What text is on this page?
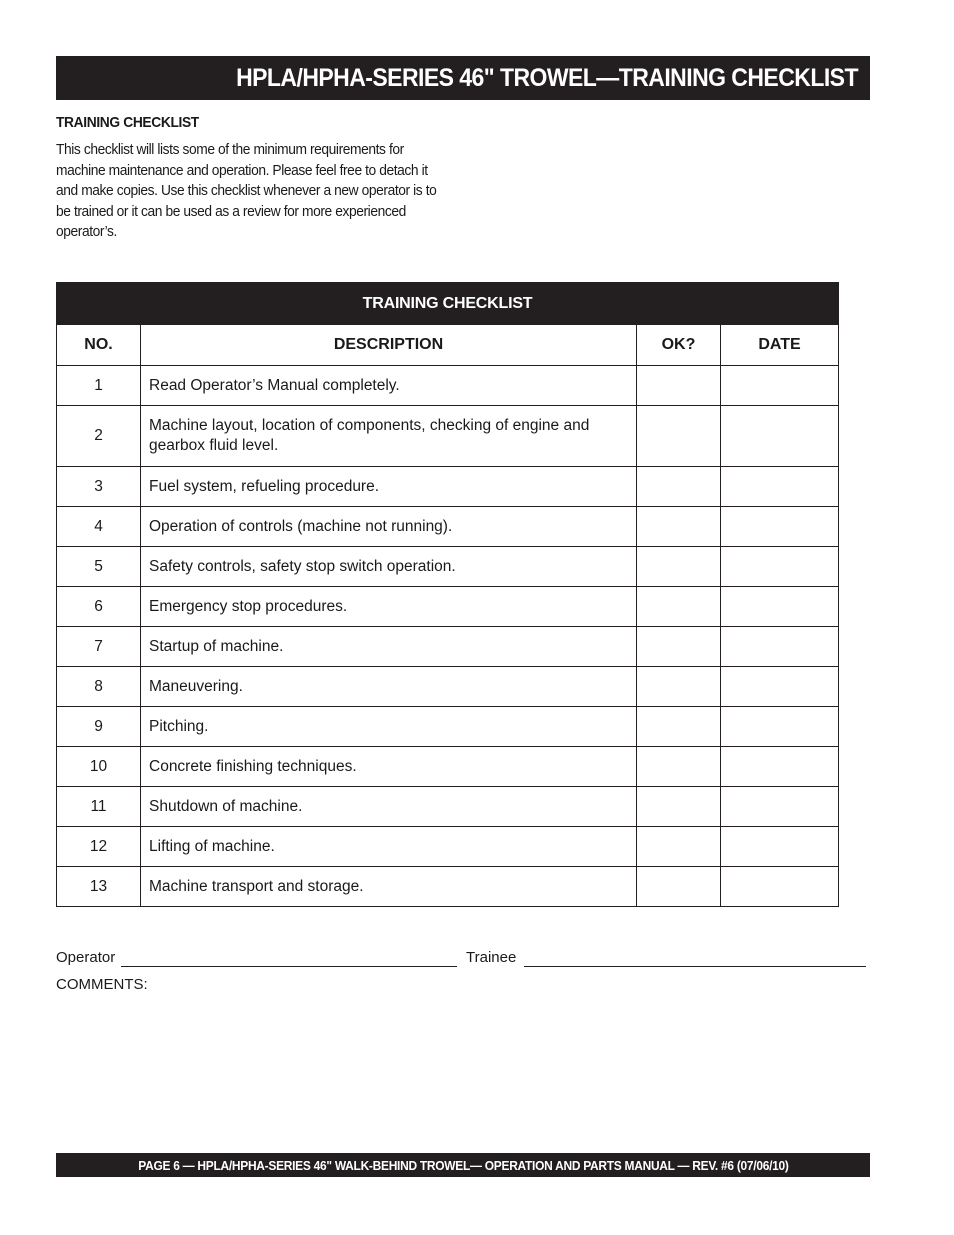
HPLA/HPHA-SERIES 46" TROWEL—TRAINING CHECKLIST
TRAINING CHECKLIST
This checklist will lists some of the minimum requirements for machine maintenance and operation. Please feel free to detach it and make copies. Use this checklist whenever a new operator is to be trained or it can be used as a review for more experienced operator’s.
TRAINING CHECKLIST			
NO.	DESCRIPTION	OK?	DATE
1	Read Operator’s Manual completely.		
2	Machine layout, location of components, checking of engine and gearbox fluid level.		
3	Fuel system, refueling procedure.		
4	Operation of controls (machine not running).		
5	Safety controls, safety stop switch operation.		
6	Emergency stop procedures.		
7	Startup of machine.		
8	Maneuvering.		
9	Pitching.		
10	Concrete finishing techniques.		
11	Shutdown of machine.		
12	Lifting of machine.		
13	Machine transport and storage.		
Operator	Trainee
COMMENTS:
PAGE 6 — HPLA/HPHA-SERIES 46" WALK-BEHIND TROWEL— OPERATION AND PARTS MANUAL — REV. #6 (07/06/10)
